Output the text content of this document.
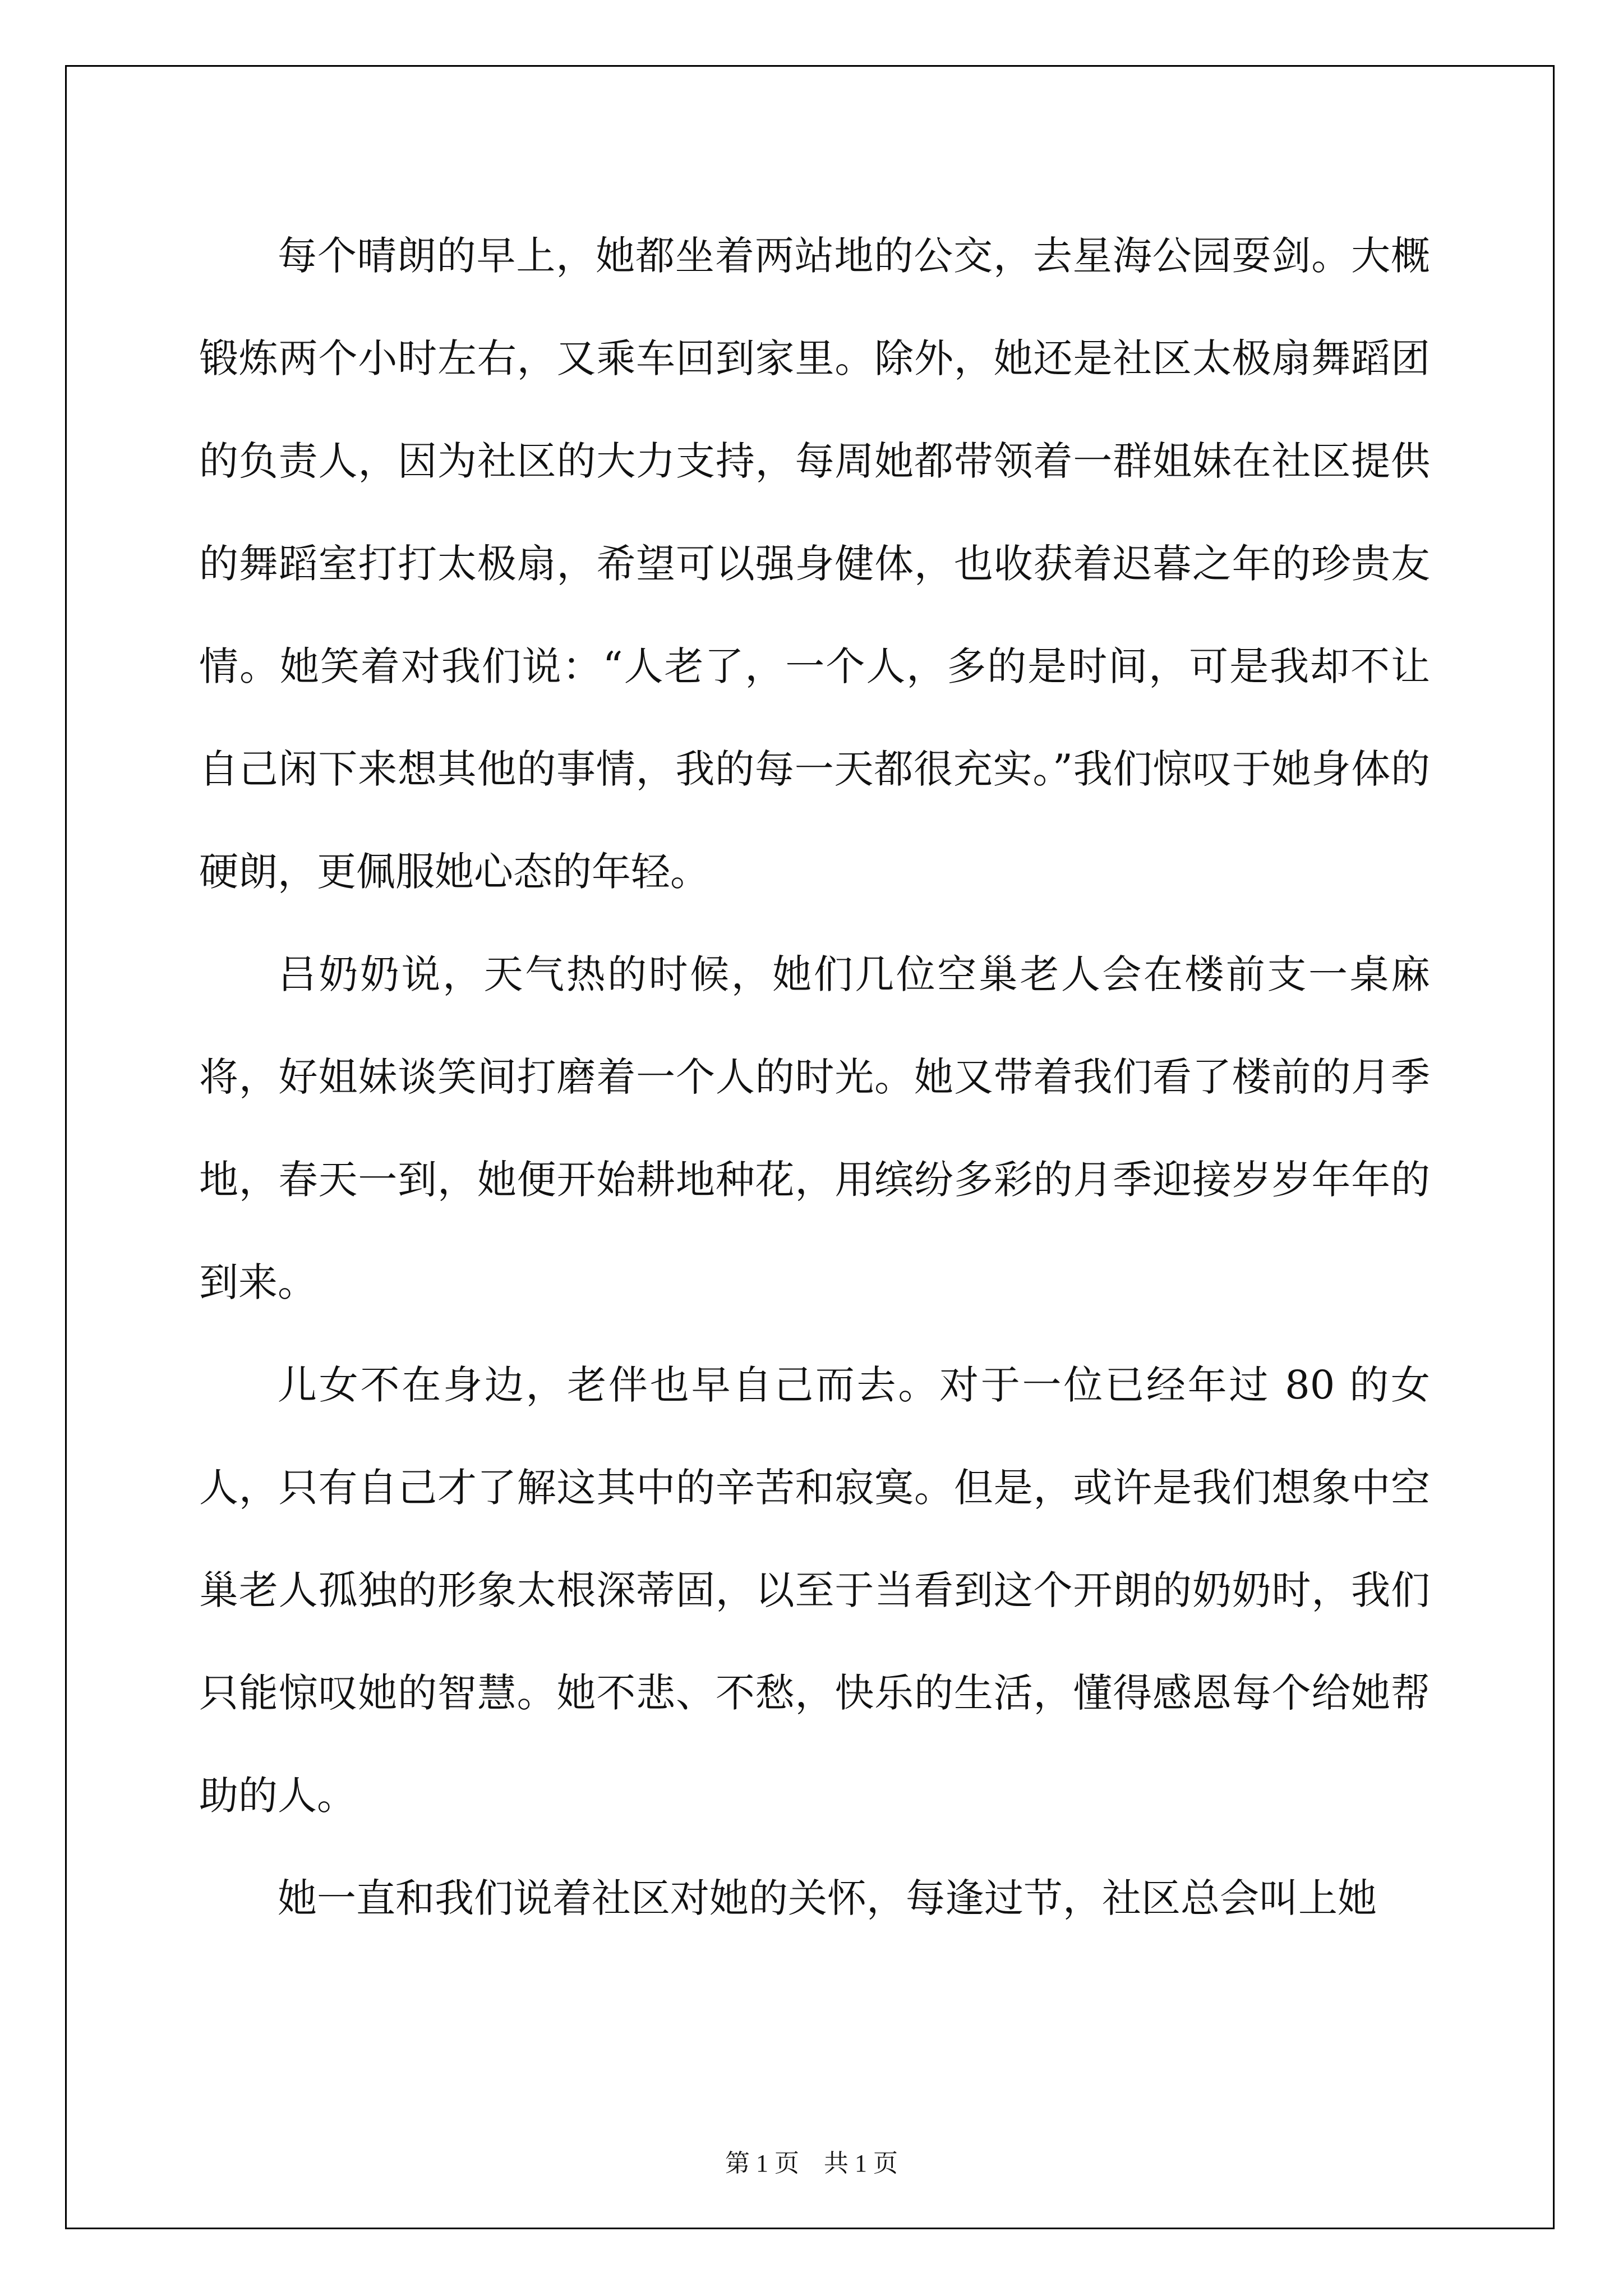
每个晴朗的早上，她都坐着两站地的公交，去星海公园耍剑。大概锻炼两个小时左右，又乘车回到家里。除外，她还是社区太极扇舞蹈团的负责人，因为社区的大力支持，每周她都带领着一群姐妹在社区提供的舞蹈室打打太极扇，希望可以强身健体，也收获着迟暮之年的珍贵友情。她笑着对我们说：“人老了，一个人，多的是时间，可是我却不让自己闲下来想其他的事情，我的每一天都很充实。”我们惊叹于她身体的硬朗，更佩服她心态的年轻。

吕奶奶说，天气热的时候，她们几位空巢老人会在楼前支一桌麻将，好姐妹谈笑间打磨着一个人的时光。她又带着我们看了楼前的月季地，春天一到，她便开始耕地种花，用缤纷多彩的月季迎接岁岁年年的到来。

儿女不在身边，老伴也早自己而去。对于一位已经年过 80 的女人，只有自己才了解这其中的辛苦和寂寞。但是，或许是我们想象中空巢老人孤独的形象太根深蒂固，以至于当看到这个开朗的奶奶时，我们只能惊叹她的智慧。她不悲、不愁，快乐的生活，懂得感恩每个给她帮助的人。

她一直和我们说着社区对她的关怀，每逢过节，社区总会叫上她

第 1 页    共 1 页
